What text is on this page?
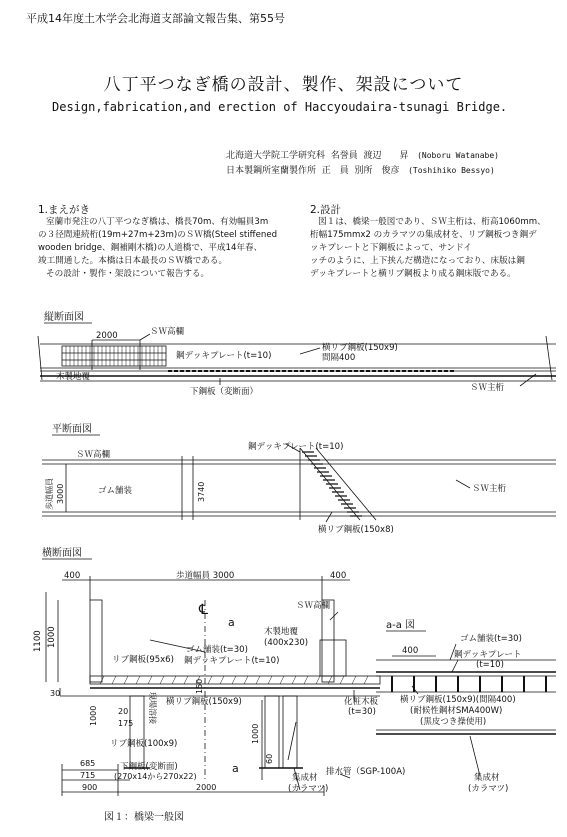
平成14年度土木学会北海道支部論文報告集、第55号
八丁平つなぎ橋の設計、製作、架設について
Design,fabrication,and erection of Haccyoudaira-tsunagi Bridge.
北海道大学院工学研究科 名誉員 渡辺　　昇 (Noboru Watanabe)
日本製鋼所室蘭製作所 正　員 別所　俊彦 (Toshihiko Bessyo)
1.まえがき
室蘭市発注の八丁平つなぎ橋は、橋長70m、有効幅員3m
の３径間連続桁(19m+27m+23m)のＳＷ橋(Steel stiffened
wooden bridge、鋼補剛木橋)の人道橋で、平成14年春、
竣工開通した。本橋は日本最長のＳＷ橋である。
その設計・製作・架設について報告する。
2.設計
図１は、橋梁一般図であり、ＳＷ主桁は、桁高1060mm、
桁幅175mmx2 のカラマツの集成材を、リブ鋼板つき鋼デ
ッキプレートと下鋼板によって、サンドイ
ッチのように、上下挟んだ構造になっており、床版は鋼
デッキプレートと横リブ鋼板より成る鋼床版である。
縦断面図
2000	ＳＷ高欄
鋼デッキプレート(t=10)
横リブ鋼板(150x9)
間隔400
木製地覆
下鋼板（変断面）	ＳＷ主桁
平断面図
鋼デッキプレート(t=10)
ＳＷ高欄
歩道幅員 3000	ゴム舗装	3740	ＳＷ主桁
横リブ鋼板(150x8)
横断面図
400	歩道幅員 3000	400
℄
a
ＳＷ高欄
1100 1000	木製地覆
(400x230)
ゴム舗装(t=30)
リブ鋼板(95x6) 鋼デッキプレート(t=10)
30	150
現場溶接 横リブ鋼板(150x9)	化粧木板
(t=30)
1000	20
175
リブ鋼板(100x9)	1000
685	下鋼板(変断面)
(270x14から270x22)
a
60
715
900	2000
集成材
(カラマツ)
排水管（SGP-100A)
a-a 図
ゴム舗装(t=30)
400	鋼デッキプレート
(t=10)
横リブ鋼板(150x9)(間隔400)
(耐候性鋼材SMA400W)
(黒皮つき操使用)
集成材
(カラマツ)
図１：橋梁一般図
